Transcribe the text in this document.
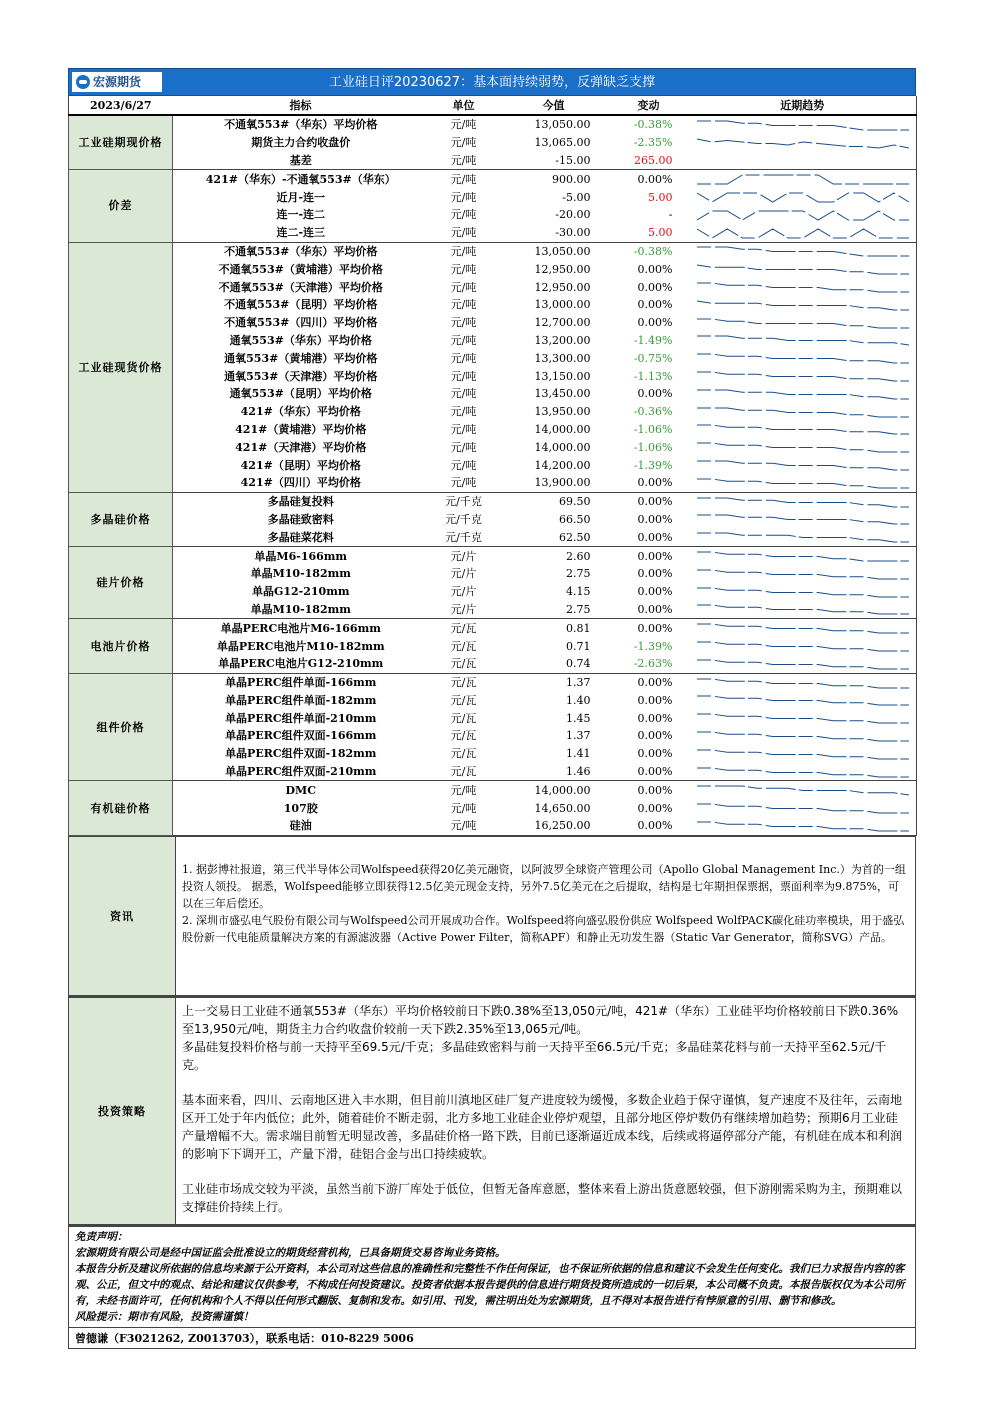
宏源期货	工业硅日评20230627：基本面持续弱势，反弹缺乏支撑
2023/6/27	指标	单位	今值	变动	近期趋势
工业硅期现价格	不通氧553#（华东）平均价格	元/吨	13,050.00	-0.38%	

	期货主力合约收盘价	元/吨	13,065.00	-2.35%	

	基差	元/吨	-15.00	265.00	

价差	421#（华东）-不通氧553#（华东）	元/吨	900.00	0.00%	

	近月-连一	元/吨	-5.00	5.00	

	连一-连二	元/吨	-20.00	-	

	连二-连三	元/吨	-30.00	5.00	

工业硅现货价格	不通氧553#（华东）平均价格	元/吨	13,050.00	-0.38%	

	不通氧553#（黄埔港）平均价格	元/吨	12,950.00	0.00%	

	不通氧553#（天津港）平均价格	元/吨	12,950.00	0.00%	

	不通氧553#（昆明）平均价格	元/吨	13,000.00	0.00%	

	不通氧553#（四川）平均价格	元/吨	12,700.00	0.00%	

	通氧553#（华东）平均价格	元/吨	13,200.00	-1.49%	

	通氧553#（黄埔港）平均价格	元/吨	13,300.00	-0.75%	

	通氧553#（天津港）平均价格	元/吨	13,150.00	-1.13%	

	通氧553#（昆明）平均价格	元/吨	13,450.00	0.00%	

	421#（华东）平均价格	元/吨	13,950.00	-0.36%	

	421#（黄埔港）平均价格	元/吨	14,000.00	-1.06%	

	421#（天津港）平均价格	元/吨	14,000.00	-1.06%	

	421#（昆明）平均价格	元/吨	14,200.00	-1.39%	

	421#（四川）平均价格	元/吨	13,900.00	0.00%	

多晶硅价格	多晶硅复投料	元/千克	69.50	0.00%	

	多晶硅致密料	元/千克	66.50	0.00%	

	多晶硅菜花料	元/千克	62.50	0.00%	

硅片价格	单晶M6-166mm	元/片	2.60	0.00%	

	单晶M10-182mm	元/片	2.75	0.00%	

	单晶G12-210mm	元/片	4.15	0.00%	

	单晶M10-182mm	元/片	2.75	0.00%	

电池片价格	单晶PERC电池片M6-166mm	元/瓦	0.81	0.00%	

	单晶PERC电池片M10-182mm	元/瓦	0.71	-1.39%	

	单晶PERC电池片G12-210mm	元/瓦	0.74	-2.63%	

组件价格	单晶PERC组件单面-166mm	元/瓦	1.37	0.00%	

	单晶PERC组件单面-182mm	元/瓦	1.40	0.00%	

	单晶PERC组件单面-210mm	元/瓦	1.45	0.00%	

	单晶PERC组件双面-166mm	元/瓦	1.37	0.00%	

	单晶PERC组件双面-182mm	元/瓦	1.41	0.00%	

	单晶PERC组件双面-210mm	元/瓦	1.46	0.00%	

有机硅价格	DMC	元/吨	14,000.00	0.00%	

	107胶	元/吨	14,650.00	0.00%	

	硅油	元/吨	16,250.00	0.00%	
资讯	
1. 据彭博社报道，第三代半导体公司Wolfspeed获得20亿美元融资，以阿波罗全球资产管理公司（Apollo Global Management Inc.）为首的一组投资人领投。 据悉，Wolfspeed能够立即获得12.5亿美元现金支持，另外7.5亿美元在之后提取，结构是七年期担保票据，票面利率为9.875%，可以在三年后偿还。
2. 深圳市盛弘电气股份有限公司与Wolfspeed公司开展成功合作。Wolfspeed将向盛弘股份供应 Wolfspeed WolfPACK碳化硅功率模块，用于盛弘股份新一代电能质量解决方案的有源滤波器（Active Power Filter，简称APF）和静止无功发生器（Static Var Generator，简称SVG）产品。
投资策略	

上一交易日工业硅不通氧553#（华东）平均价格较前日下跌0.38%至13,050元/吨，421#（华东）工业硅平均价格较前日下跌0.36%至13,950元/吨，期货主力合约收盘价较前一天下跌2.35%至13,065元/吨。

多晶硅复投料价格与前一天持平至69.5元/千克；多晶硅致密料与前一天持平至66.5元/千克；多晶硅菜花料与前一天持平至62.5元/千克。

基本面来看，四川、云南地区进入丰水期，但目前川滇地区硅厂复产进度较为缓慢，多数企业趋于保守谨慎，复产速度不及往年，云南地区开工处于年内低位；此外，随着硅价不断走弱，北方多地工业硅企业停炉观望，且部分地区停炉数仍有继续增加趋势；预期6月工业硅产量增幅不大。需求端目前暂无明显改善，多晶硅价格一路下跌，目前已逐渐逼近成本线，后续或将逼停部分产能，有机硅在成本和利润的影响下下调开工，产量下滑，硅铝合金与出口持续疲软。

工业硅市场成交较为平淡，虽然当前下游厂库处于低位，但暂无备库意愿，整体来看上游出货意愿较强，但下游刚需采购为主，预期难以支撑硅价持续上行。

免责声明：
宏源期货有限公司是经中国证监会批准设立的期货经营机构，已具备期货交易咨询业务资格。
本报告分析及建议所依据的信息均来源于公开资料，本公司对这些信息的准确性和完整性不作任何保证，也不保证所依据的信息和建议不会发生任何变化。我们已力求报告内容的客观、公正，但文中的观点、结论和建议仅供参考，不构成任何投资建议。投资者依据本报告提供的信息进行期货投资所造成的一切后果，本公司概不负责。本报告版权仅为本公司所有，未经书面许可，任何机构和个人不得以任何形式翻版、复制和发布。如引用、刊发，需注明出处为宏源期货，且不得对本报告进行有悖原意的引用、删节和修改。
风险提示：期市有风险，投资需谨慎！

曾德谦（F3021262, Z0013703），联系电话：010-8229 5006
